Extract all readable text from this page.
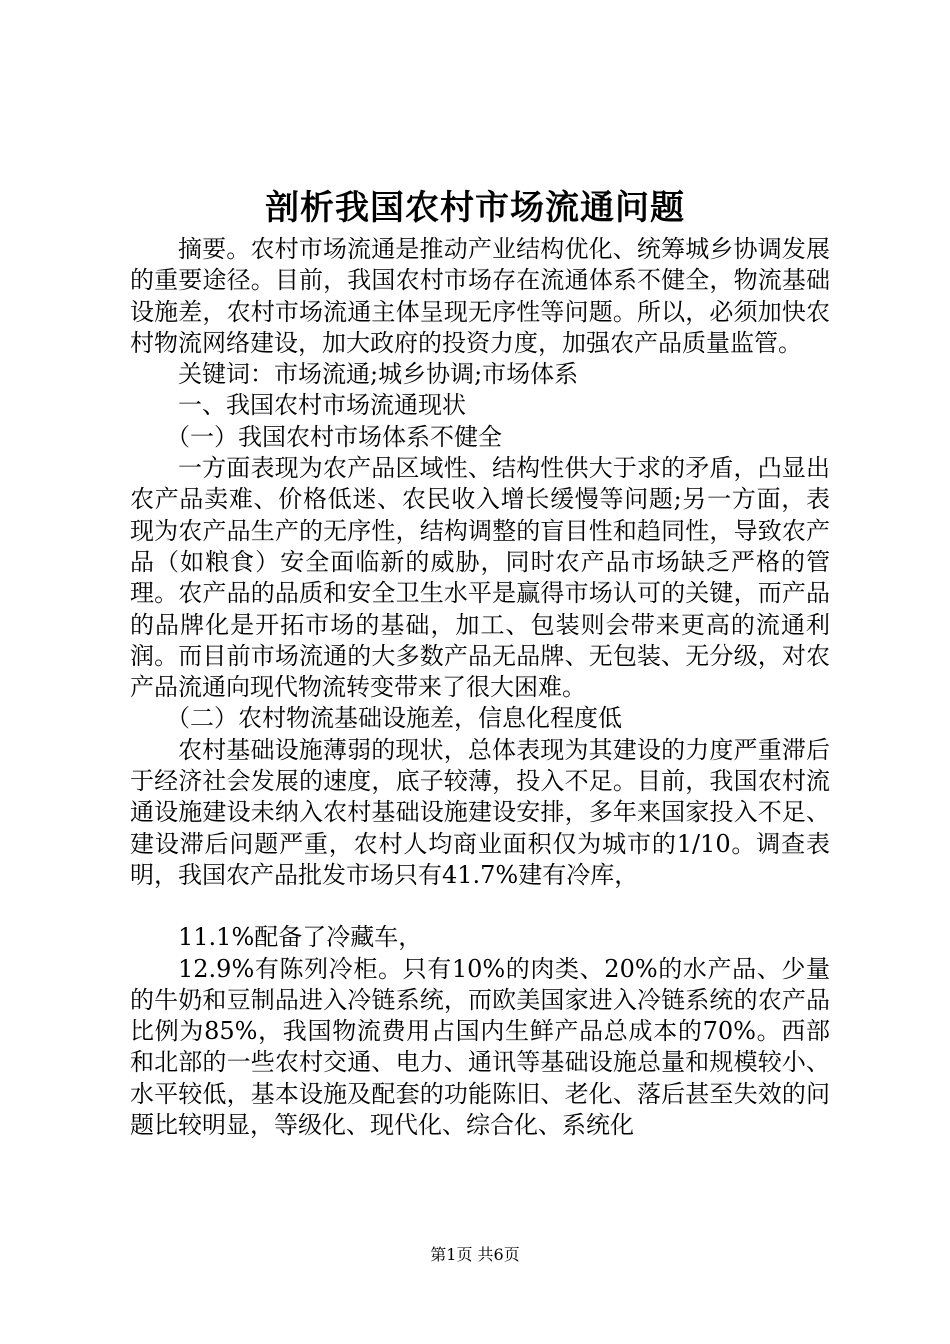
剖析我国农村市场流通问题

摘要。农村市场流通是推动产业结构优化、统筹城乡协调发展的重要途径。目前，我国农村市场存在流通体系不健全，物流基础设施差，农村市场流通主体呈现无序性等问题。所以，必须加快农村物流网络建设，加大政府的投资力度，加强农产品质量监管。

关键词：市场流通;城乡协调;市场体系

一、我国农村市场流通现状

（一）我国农村市场体系不健全

一方面表现为农产品区域性、结构性供大于求的矛盾，凸显出农产品卖难、价格低迷、农民收入增长缓慢等问题;另一方面，表现为农产品生产的无序性，结构调整的盲目性和趋同性，导致农产品（如粮食）安全面临新的威胁，同时农产品市场缺乏严格的管理。农产品的品质和安全卫生水平是赢得市场认可的关键，而产品的品牌化是开拓市场的基础，加工、包装则会带来更高的流通利润。而目前市场流通的大多数产品无品牌、无包装、无分级，对农产品流通向现代物流转变带来了很大困难。

（二）农村物流基础设施差，信息化程度低

农村基础设施薄弱的现状，总体表现为其建设的力度严重滞后于经济社会发展的速度，底子较薄，投入不足。目前，我国农村流通设施建设未纳入农村基础设施建设安排，多年来国家投入不足、建设滞后问题严重，农村人均商业面积仅为城市的1/10。调查表明，我国农产品批发市场只有41.7%建有冷库，

11.1%配备了冷藏车，

12.9%有陈列冷柜。只有10%的肉类、20%的水产品、少量的牛奶和豆制品进入冷链系统，而欧美国家进入冷链系统的农产品比例为85%，我国物流费用占国内生鲜产品总成本的70%。西部和北部的一些农村交通、电力、通讯等基础设施总量和规模较小、水平较低，基本设施及配套的功能陈旧、老化、落后甚至失效的问题比较明显，等级化、现代化、综合化、系统化

第1页 共6页
